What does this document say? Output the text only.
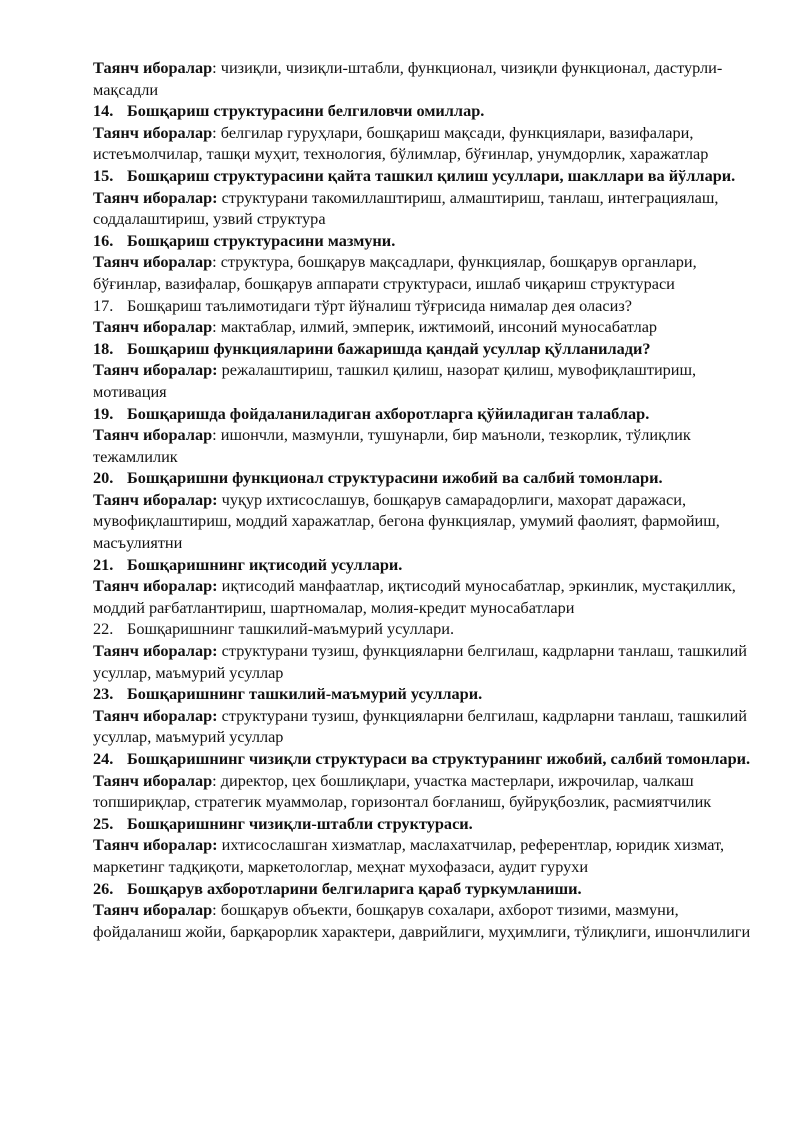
Таянч иборалар: чизиқли, чизиқли-штабли, функционал, чизиқли функционал, дастурли-мақсадли

14. Бошқариш структурасини белгиловчи омиллар.

Таянч иборалар: белгилар гуруҳлари, бошқариш мақсади, функциялари, вазифалари, истеъмолчилар, ташқи муҳит, технология, бўлимлар, бўғинлар, унумдорлик, харажатлар

15. Бошқариш структурасини қайта ташкил қилиш усуллари, шакллари ва йўллари.

Таянч иборалар: структурани такомиллаштириш, алмаштириш, танлаш, интеграциялаш, соддалаштириш, узвий структура

16. Бошқариш структурасини мазмуни.

Таянч иборалар: структура, бошқарув мақсадлари, функциялар, бошқарув органлари, бўғинлар, вазифалар, бошқарув аппарати структураси, ишлаб чиқариш структураси

17. Бошқариш таълимотидаги тўрт йўналиш тўғрисида нималар дея оласиз?

Таянч иборалар: мактаблар, илмий, эмперик, ижтимоий, инсоний муносабатлар

18. Бошқариш функцияларини бажаришда қандай усуллар қўлланилади?

Таянч иборалар: режалаштириш, ташкил қилиш, назорат қилиш, мувофиқлаштириш, мотивация

19. Бошқаришда фойдаланиладиган ахборотларга қўйиладиган талаблар.

Таянч иборалар: ишончли, мазмунли, тушунарли, бир маъноли, тезкорлик, тўлиқлик тежамлилик

20. Бошқаришни функционал структурасини ижобий ва салбий томонлари.

Таянч иборалар: чуқур ихтисослашув, бошқарув самарадорлиги, махорат даражаси, мувофиқлаштириш, моддий харажатлар, бегона функциялар, умумий фаолият, фармойиш, масъулиятни

21. Бошқаришнинг иқтисодий усуллари.

Таянч иборалар: иқтисодий манфаатлар, иқтисодий муносабатлар, эркинлик, мустақиллик, моддий рағбатлантириш, шартномалар, молия-кредит муносабатлари

22. Бошқаришнинг ташкилий-маъмурий усуллари.

Таянч иборалар: структурани тузиш, функцияларни белгилаш, кадрларни танлаш, ташкилий усуллар, маъмурий усуллар

23. Бошқаришнинг ташкилий-маъмурий усуллари.

Таянч иборалар: структурани тузиш, функцияларни белгилаш, кадрларни танлаш, ташкилий усуллар, маъмурий усуллар

24. Бошқаришнинг чизиқли структураси ва структуранинг ижобий, салбий томонлари.

Таянч иборалар: директор, цех бошлиқлари, участка мастерлари, ижрочилар, чалкаш топшириқлар, стратегик муаммолар, горизонтал боғланиш, буйруқбозлик, расмиятчилик

25. Бошқаришнинг чизиқли-штабли структураси.

Таянч иборалар: ихтисослашган хизматлар, маслахатчилар, референтлар, юридик хизмат, маркетинг тадқиқоти, маркетологлар, меҳнат мухофазаси, аудит гурухи

26. Бошқарув ахборотларини белгиларига қараб туркумланиши.

Таянч иборалар: бошқарув объекти, бошқарув сохалари, ахборот тизими, мазмуни, фойдаланиш жойи, барқарорлик характери, даврийлиги, муҳимлиги, тўлиқлиги, ишончлилиги
